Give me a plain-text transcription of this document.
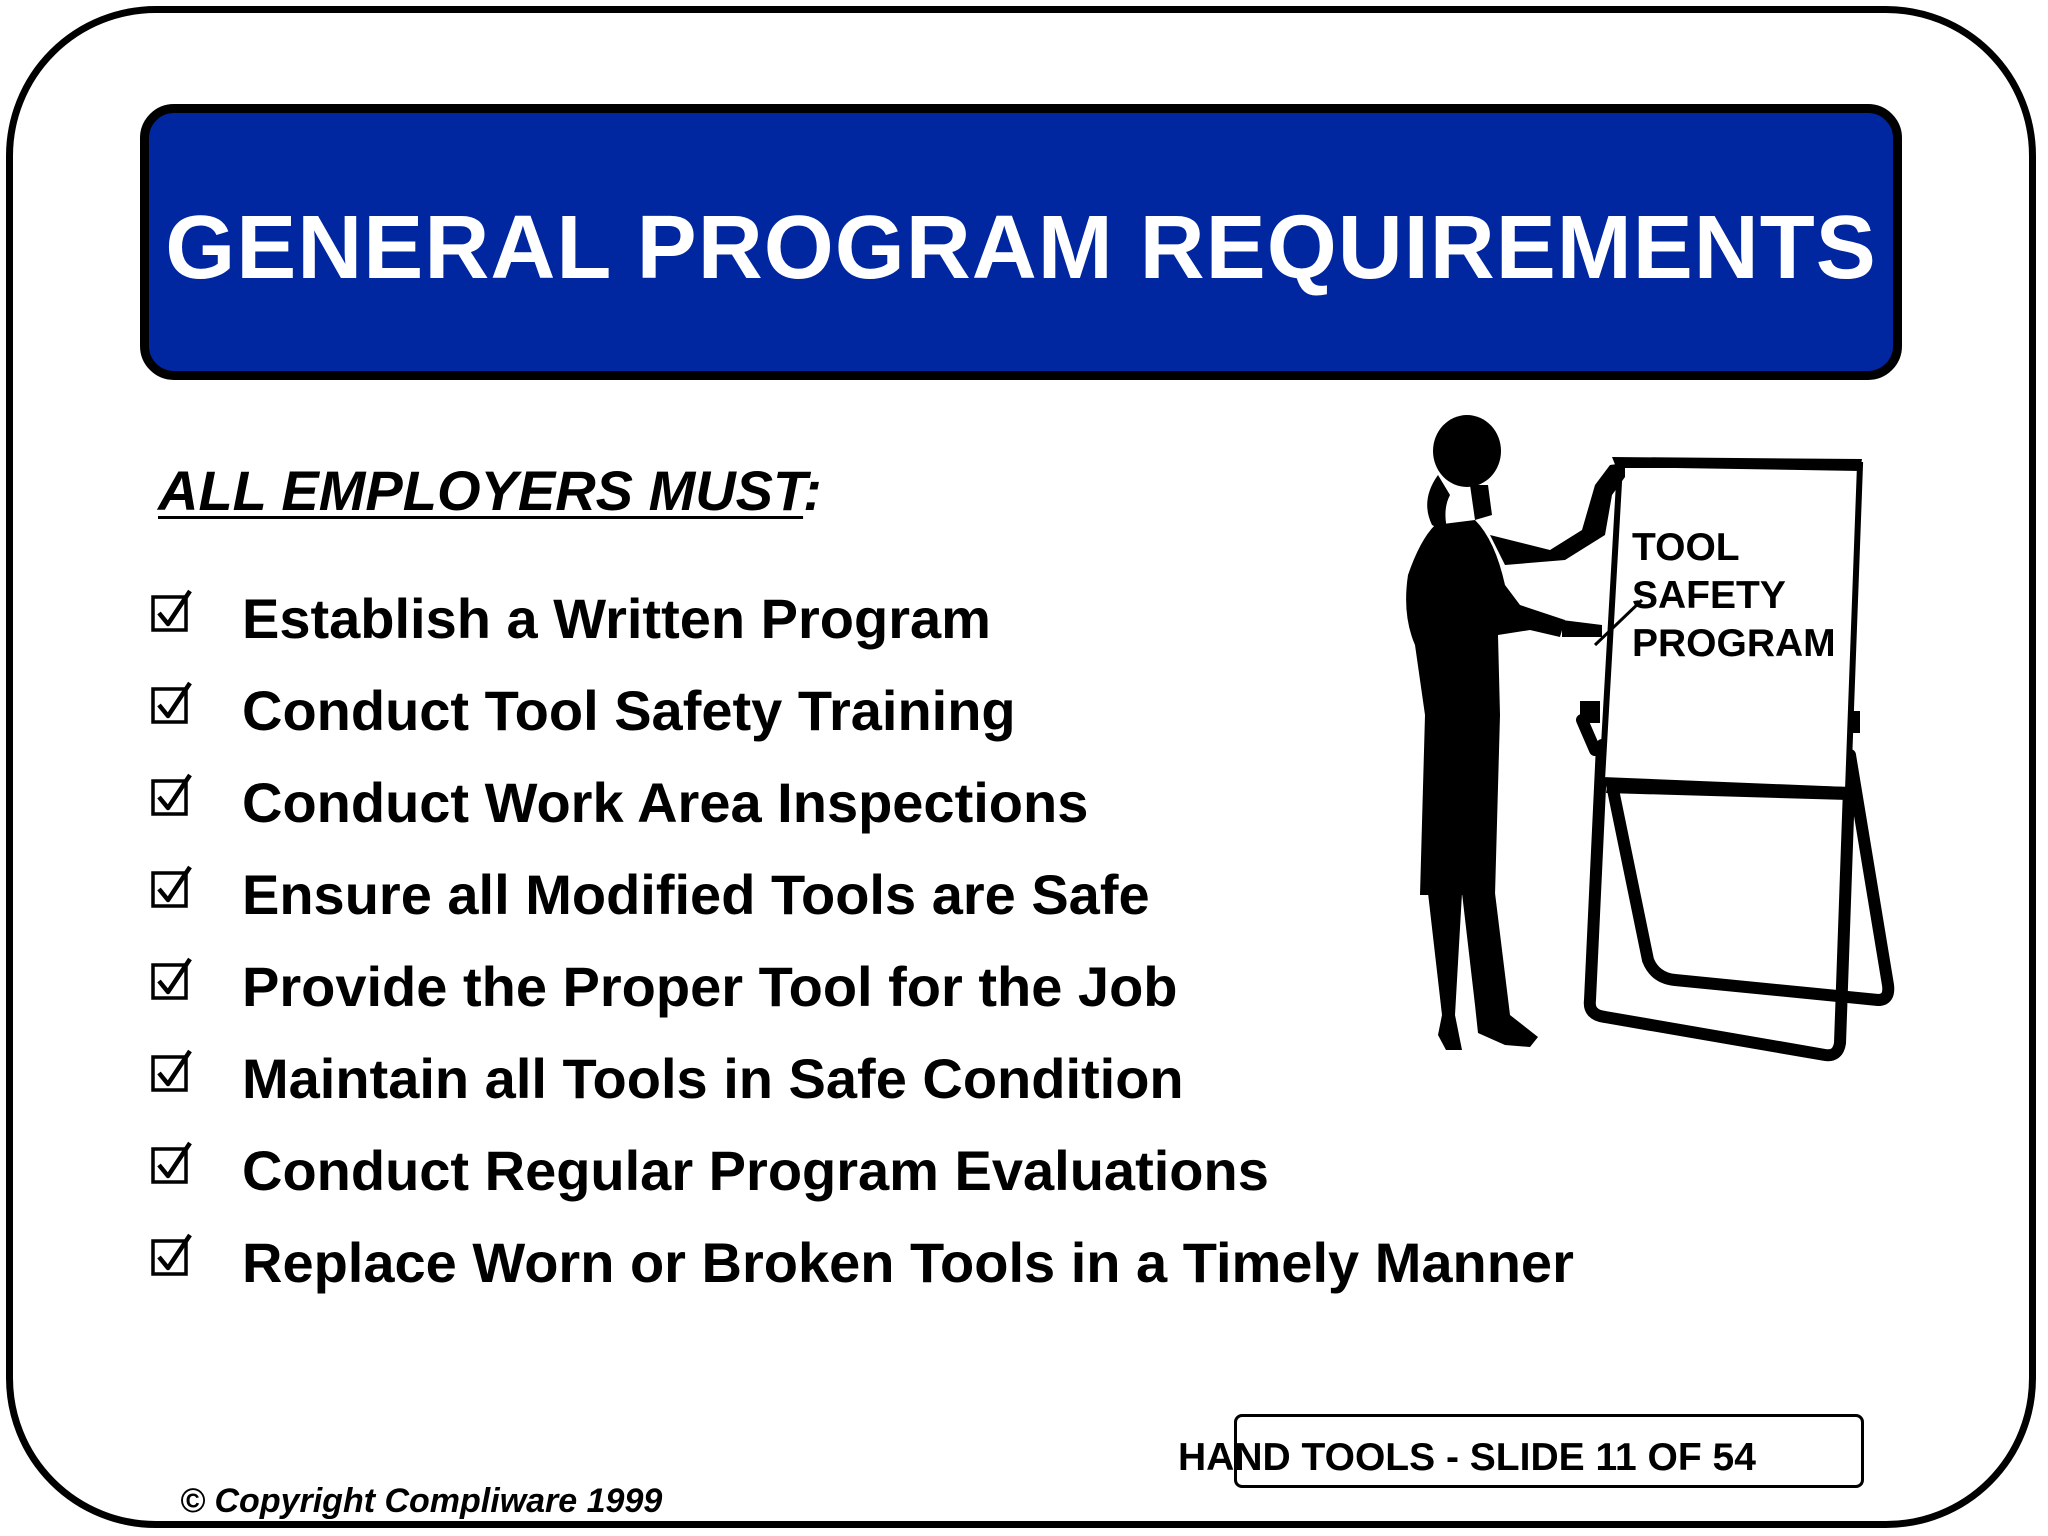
GENERAL PROGRAM REQUIREMENTS
ALL EMPLOYERS MUST:
Establish a Written Program
Conduct Tool Safety Training
Conduct Work Area Inspections
Ensure all Modified Tools are Safe
Provide the Proper Tool for the Job
Maintain all Tools in Safe Condition
Conduct Regular Program Evaluations
Replace Worn or Broken Tools in a Timely Manner
TOOL
SAFETY
PROGRAM
HAND TOOLS - SLIDE 11 OF 54
© Copyright Compliware 1999
